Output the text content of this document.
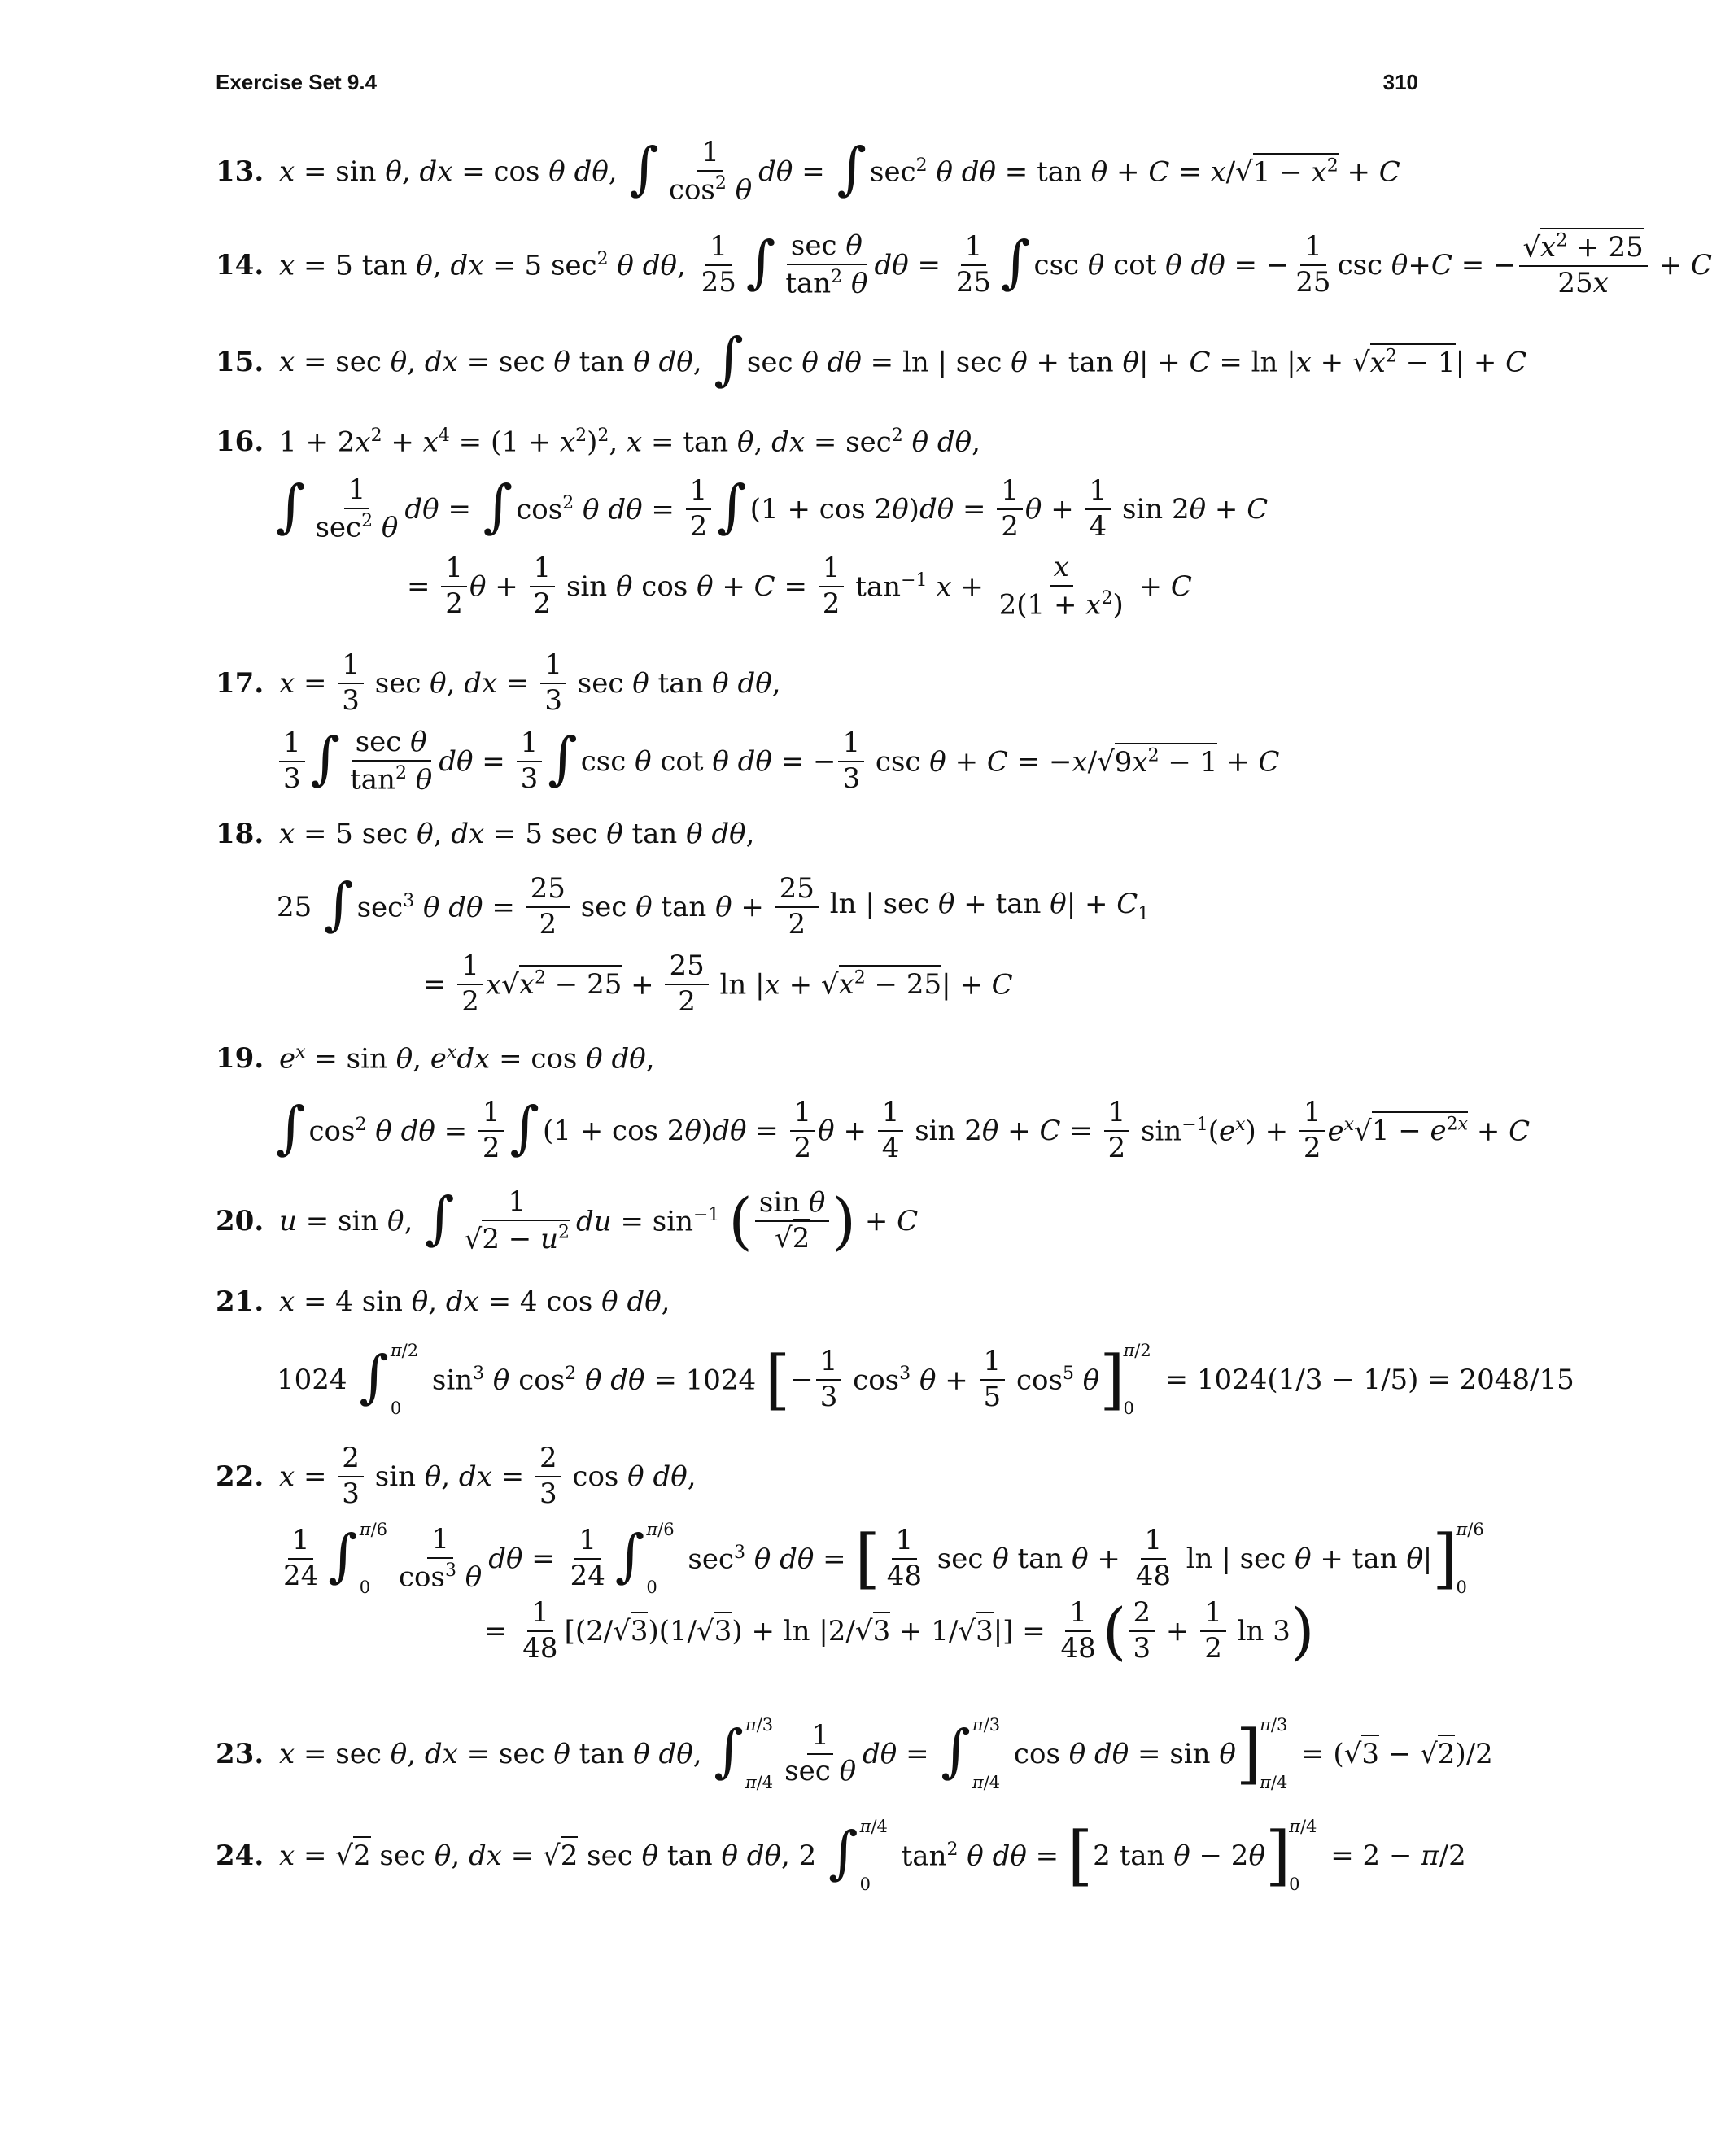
Exercise Set 9.4	310
13. x = sin θ, dx = cos θ dθ, ∫ $\frac{1}{\cos^2 \theta}$ dθ = ∫ $\sec^2 \theta$ $d\theta = \tan \theta + C = x/√1 - x^2 + C$
14. x = 5 tan θ, dx = 5 $\sec^2 \theta$ dθ, $\frac{1}{25}$ ∫ $\frac{\text{sec θ}}{\tan^2 \theta}$ $d\theta = \frac{1}{25}$ ∫ csc θ cot θ dθ = − $\frac{1}{25}$ csc θ+C = − $\frac{√x^2 + 25}{25x} + C$
15. x = sec θ, dx = sec θ tan θ dθ, ∫ sec θ dθ = ln | $\sec \theta + \tan \theta| + C = \ln |x + √x^2 - 1| + C$
16. $1 + 2x^2 + x^4 = (1 + x^2)^2$, x = tan θ, dx = $\sec^2 \theta$ dθ,
∫ $\frac{1}{\sec^2 \theta}$ dθ = ∫ $\cos^2 \theta$ $d\theta = \frac{1}{2}$ ∫ $(1 + \cos 2\theta)d\theta = \frac{1}{2}$ $\theta + \frac{1}{4}$ sin 2θ + C
= $\frac{1}{2}$ $\theta + \frac{1}{2}$ sin θ $\cos \theta + C = \frac{1}{2} \tan^{-1} x + \frac{x}{2(1 + x^2)} + C$
17. $x = \frac{1}{3}$ sec θ, dx = $\frac{1}{3}$ sec θ tan θ dθ,
$\frac{1}{3}$ ∫ $\frac{\text{sec θ}}{\tan^2 \theta}$ $d\theta = \frac{1}{3}$ ∫ csc θ cot θ dθ = − $\frac{1}{3}$ $\csc \theta + C = -x/√9x^2 - 1 + C$
18. x = 5 sec θ, dx = 5 sec θ tan θ dθ,
25 ∫ $\sec^3 \theta$ $d\theta = \frac{25}{2}$ sec θ $\tan \theta + \frac{25}{2}$ ln | $\sec \theta + \tan \theta| + C_1$
= $\frac{1}{2} x√x^2 - 25 + \frac{25}{2}$ $\ln |x + √x^2 - 25| + C$
19. $e^x = \sin \theta$, $e^xdx = \cos \theta$ dθ,
∫ $\cos^2 \theta$ $d\theta = \frac{1}{2}$ ∫ $(1 + \cos 2\theta)d\theta = \frac{1}{2}$ $\theta + \frac{1}{4}$ $\sin 2\theta + C = \frac{1}{2} \sin^{-1}(e^x) + \frac{1}{2} e^x√1 - e^{2x} + C$
20. u = sin θ, ∫ $\frac{1}{√2 - u^2}$ du = $\sin^{-1}$ ( $\frac{\text{sin θ}}{√2}$ ) + C
21. x = 4 sin θ, dx = 4 cos θ dθ,
1024 ∫ π/2
0
$\sin^3 \theta$ $\cos^2 \theta$ dθ = 1024 [ − $\frac{1}{3} \cos^3 \theta + \frac{1}{5} \cos^5 \theta$ ]
π/2
0
= 1024(1/3 − 1/5) = 2048/15
22. $x = \frac{2}{3}$ sin θ, dx = $\frac{2}{3}$ cos θ dθ,
$\frac{1}{24}$ ∫ π/6
$0 \frac{1}{\cos^3 \theta}$ $d\theta = \frac{1}{24}$ ∫ π/6
0
$\sec^3 \theta$ dθ = [ $\frac{1}{48}$ sec θ $\tan \theta + \frac{1}{48}$ ln | sec θ + tan θ| ]
π/6
0
= $\frac{1}{48} [(2/√3)(1/√3) + \ln |2/√3 + 1/√3|] = \frac{1}{48}$ ( $\frac{2}{3} + \frac{1}{2}$ ln 3 )
23. x = sec θ, dx = sec θ tan θ dθ, ∫ π/3
$\pi/4 \frac{1}{\text{sec θ}}$ dθ = ∫ π/3
π/4
cos θ dθ = sin θ ]
π/3
π/4
= (√3 − √2)/2
24. x = √2 sec θ, dx = √2 sec θ tan θ dθ, 2 ∫ π/4
0
$\tan^2 \theta$ dθ = [ 2 tan θ − 2θ ]
π/4
0
= 2 − π/2
